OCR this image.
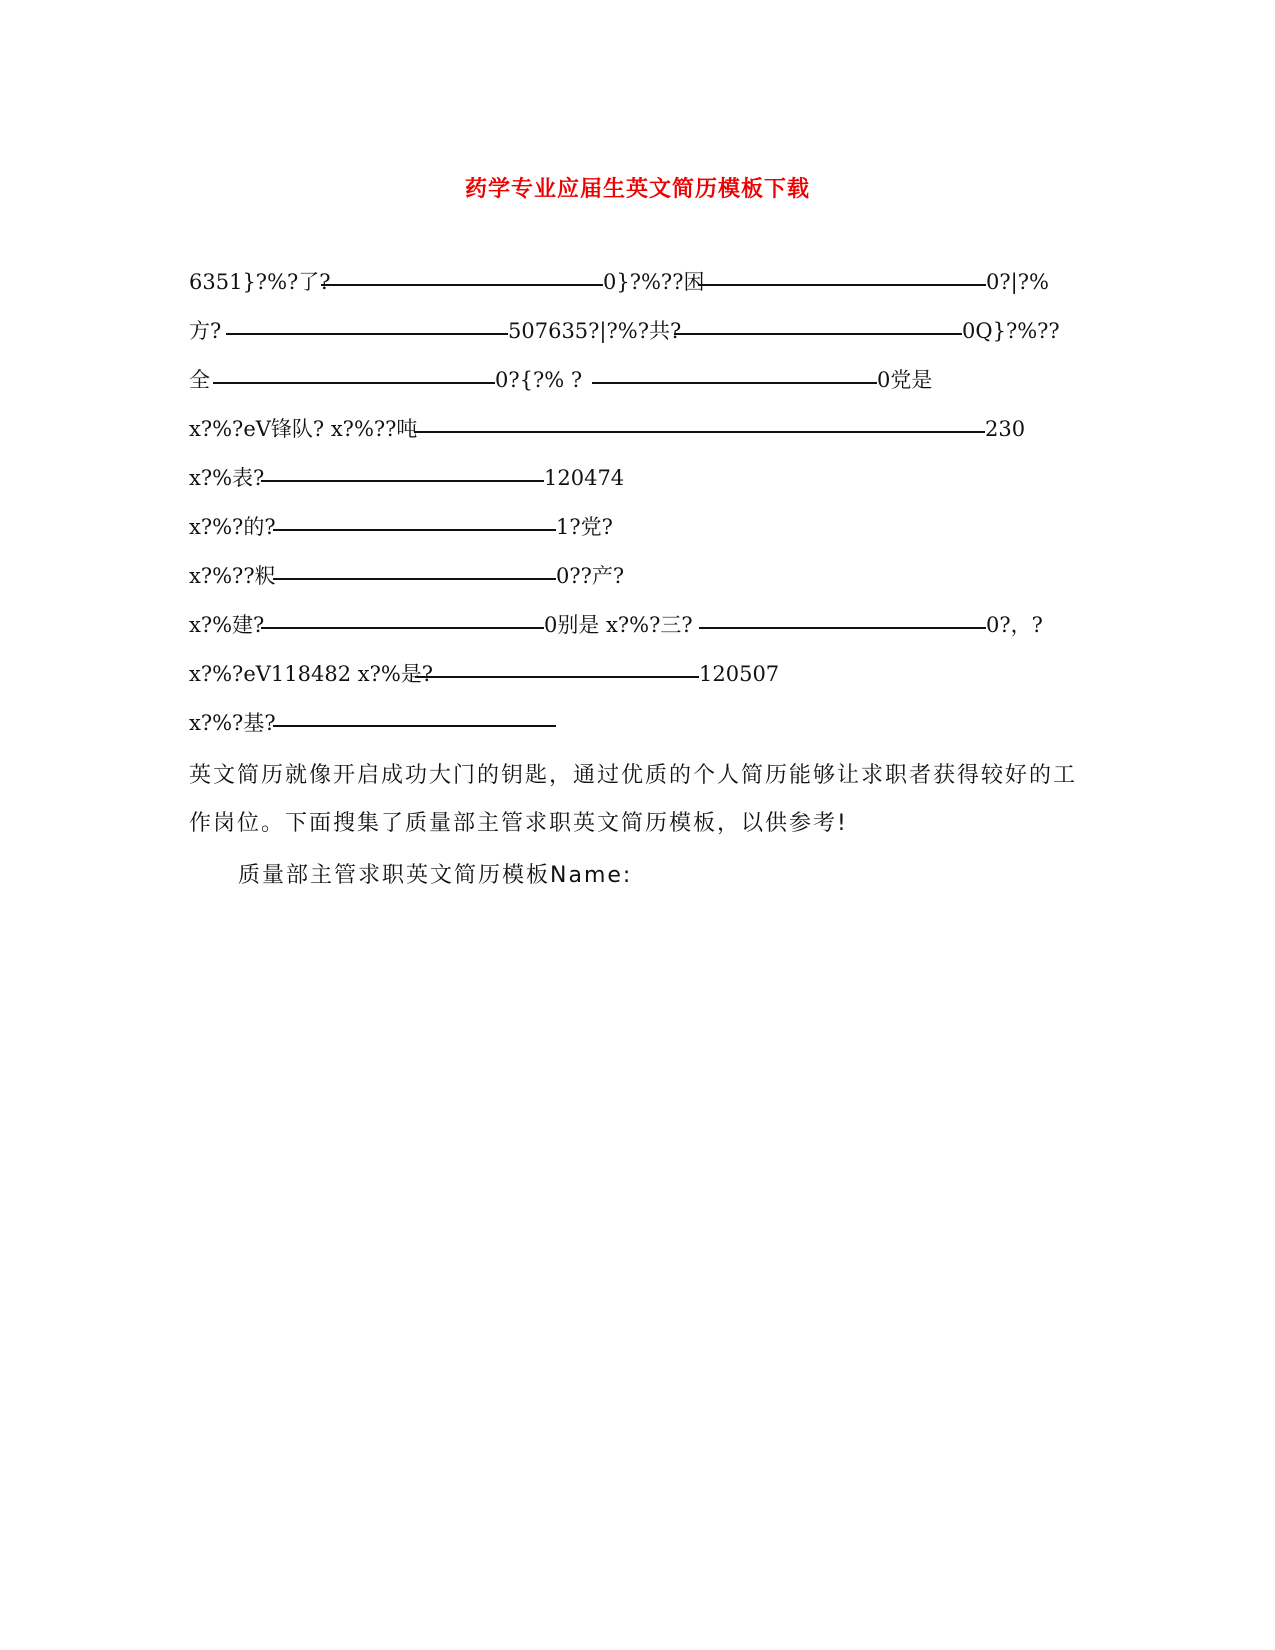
药学专业应届生英文简历模板下载
6351}?%?了?	0}?%??困	0?|?%
方?	507635?|?%?共?	0Q}?%??
全	0?{?% ?	0党是
x?%?eV锋队? x?%??吨	230
x?%表?	120474
x?%?的?	1?党?
x?%??粎	0??产?
x?%建?	0别是 x?%?三?	0?，?
x?%?eV118482 x?%是?	120507
x?%?基?
英文简历就像开启成功大门的钥匙，通过优质的个人简历能够让求职者获得较好的工作岗位。下面搜集了质量部主管求职英文简历模板，以供参考!
质量部主管求职英文简历模板Name:
